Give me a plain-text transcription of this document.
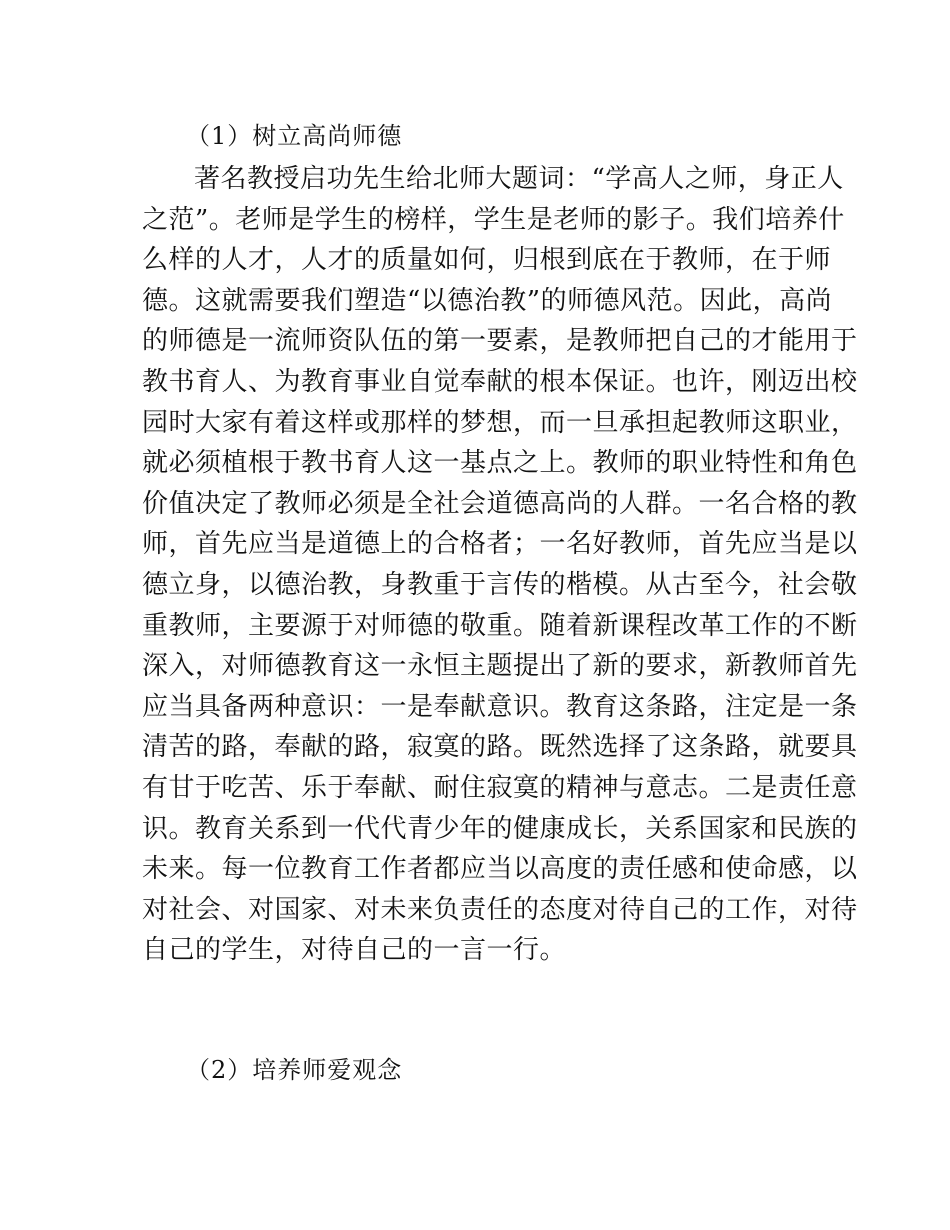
（1）树立高尚师德
著名教授启功先生给北师大题词：“学高人之师，身正人
之范”。老师是学生的榜样，学生是老师的影子。我们培养什
么样的人才，人才的质量如何，归根到底在于教师，在于师
德。这就需要我们塑造“以德治教”的师德风范。因此，高尚
的师德是一流师资队伍的第一要素，是教师把自己的才能用于
教书育人、为教育事业自觉奉献的根本保证。也许，刚迈出校
园时大家有着这样或那样的梦想，而一旦承担起教师这职业，
就必须植根于教书育人这一基点之上。教师的职业特性和角色
价值决定了教师必须是全社会道德高尚的人群。一名合格的教
师，首先应当是道德上的合格者；一名好教师，首先应当是以
德立身，以德治教，身教重于言传的楷模。从古至今，社会敬
重教师，主要源于对师德的敬重。随着新课程改革工作的不断
深入，对师德教育这一永恒主题提出了新的要求，新教师首先
应当具备两种意识：一是奉献意识。教育这条路，注定是一条
清苦的路，奉献的路，寂寞的路。既然选择了这条路，就要具
有甘于吃苦、乐于奉献、耐住寂寞的精神与意志。二是责任意
识。教育关系到一代代青少年的健康成长，关系国家和民族的
未来。每一位教育工作者都应当以高度的责任感和使命感，以
对社会、对国家、对未来负责任的态度对待自己的工作，对待
自己的学生，对待自己的一言一行。
（2）培养师爱观念
